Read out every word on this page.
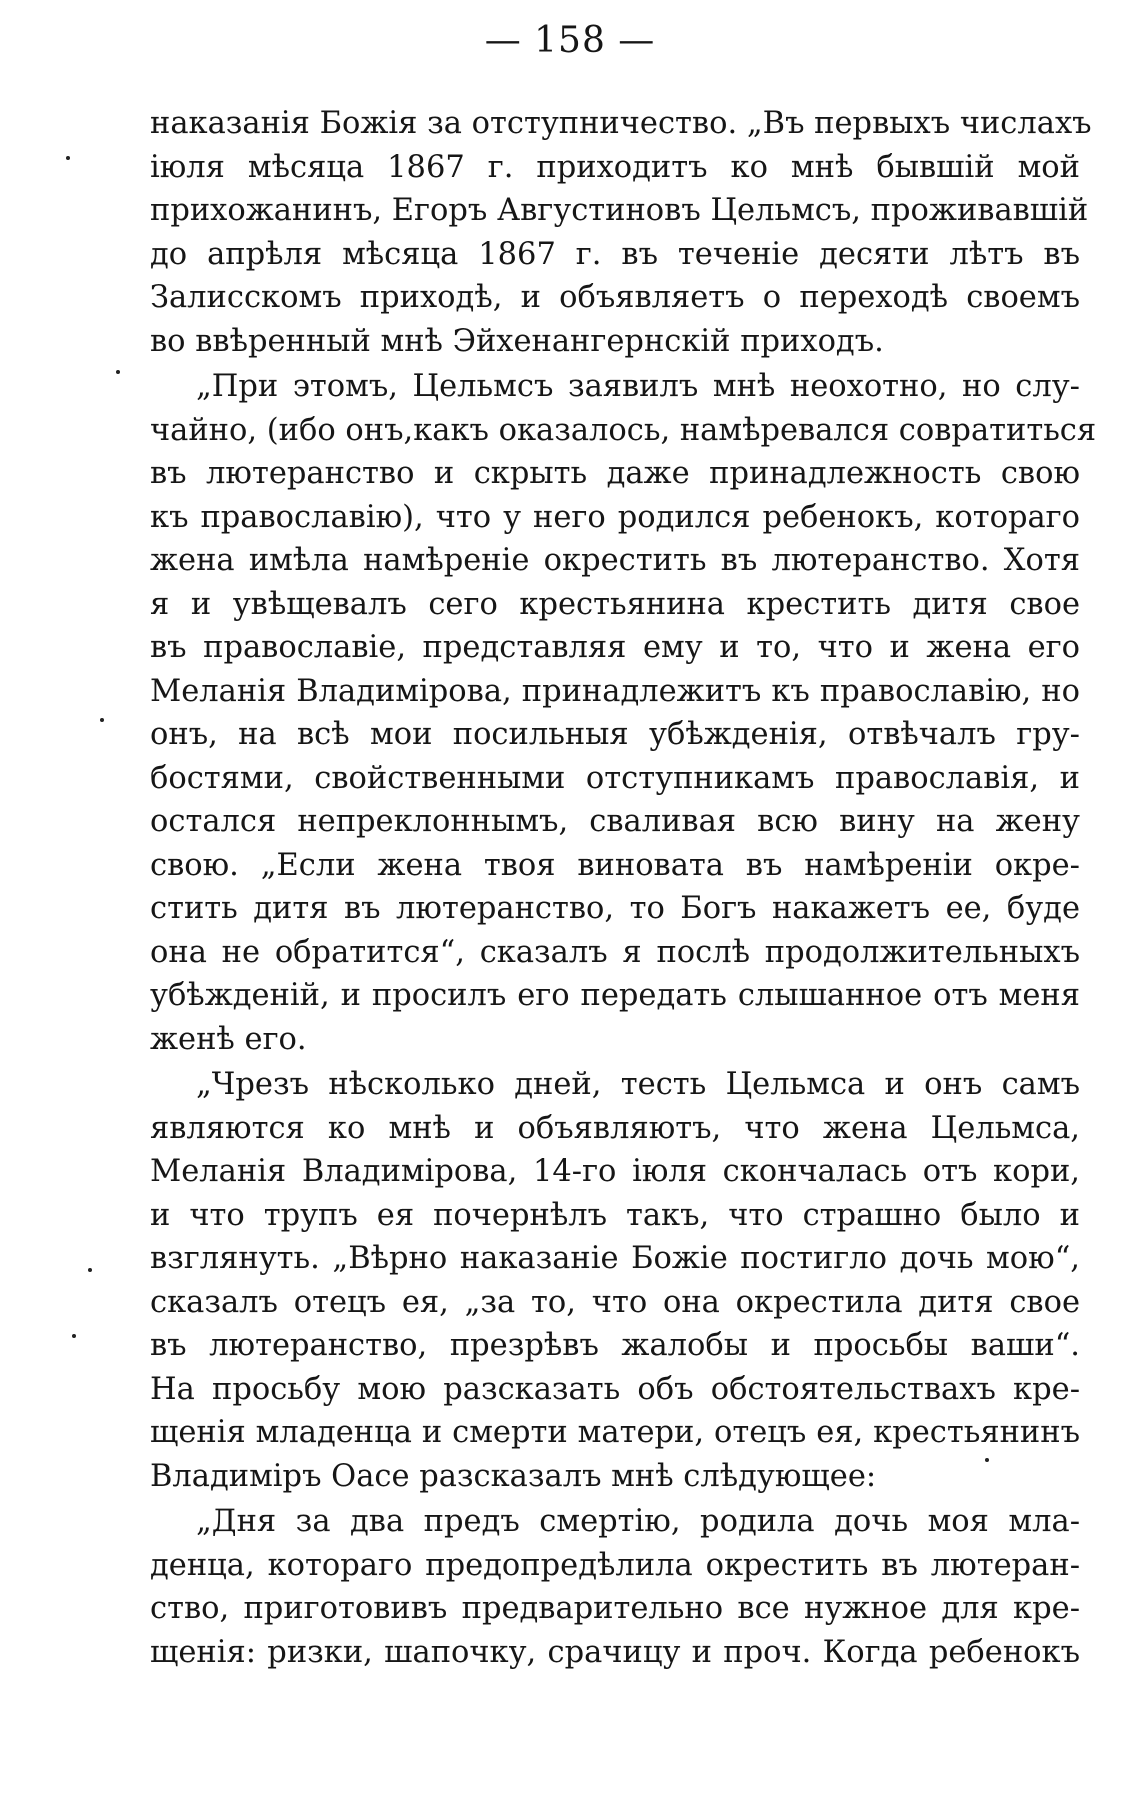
— 158 —
наказанія Божія за отступничество. „Въ первыхъ числахъ
іюля мѣсяца 1867 г. приходитъ ко мнѣ бывшій мой
прихожанинъ, Егоръ Августиновъ Цельмсъ, проживавшій
до апрѣля мѣсяца 1867 г. въ теченіе десяти лѣтъ въ
Залисскомъ приходѣ, и объявляетъ о переходѣ своемъ
во ввѣренный мнѣ Эйхенангернскій приходъ.
„При этомъ, Цельмсъ заявилъ мнѣ неохотно, но слу-
чайно, (ибо онъ,какъ оказалось, намѣревался совратиться
въ лютеранство и скрыть даже принадлежность свою
къ православію), что у него родился ребенокъ, котораго
жена имѣла намѣреніе окрестить въ лютеранство. Хотя
я и увѣщевалъ сего крестьянина крестить дитя свое
въ православіе, представляя ему и то, что и жена его
Меланія Владимірова, принадлежитъ къ православію, но
онъ, на всѣ мои посильныя убѣжденія, отвѣчалъ гру-
бостями, свойственными отступникамъ православія, и
остался непреклоннымъ, сваливая всю вину на жену
свою. „Если жена твоя виновата въ намѣреніи окре-
стить дитя въ лютеранство, то Богъ накажетъ ее, буде
она не обратится“, сказалъ я послѣ продолжительныхъ
убѣжденій, и просилъ его передать слышанное отъ меня
женѣ его.
„Чрезъ нѣсколько дней, тесть Цельмса и онъ самъ
являются ко мнѣ и объявляютъ, что жена Цельмса,
Меланія Владимірова, 14-го іюля скончалась отъ кори,
и что трупъ ея почернѣлъ такъ, что страшно было и
взглянуть. „Вѣрно наказаніе Божіе постигло дочь мою“,
сказалъ отецъ ея, „за то, что она окрестила дитя свое
въ лютеранство, презрѣвъ жалобы и просьбы ваши“.
На просьбу мою разсказать объ обстоятельствахъ кре-
щенія младенца и смерти матери, отецъ ея, крестьянинъ
Владиміръ Оасе разсказалъ мнѣ слѣдующее:
„Дня за два предъ смертію, родила дочь моя мла-
денца, котораго предопредѣлила окрестить въ лютеран-
ство, приготовивъ предварительно все нужное для кре-
щенія: ризки, шапочку, срачицу и проч. Когда ребенокъ
